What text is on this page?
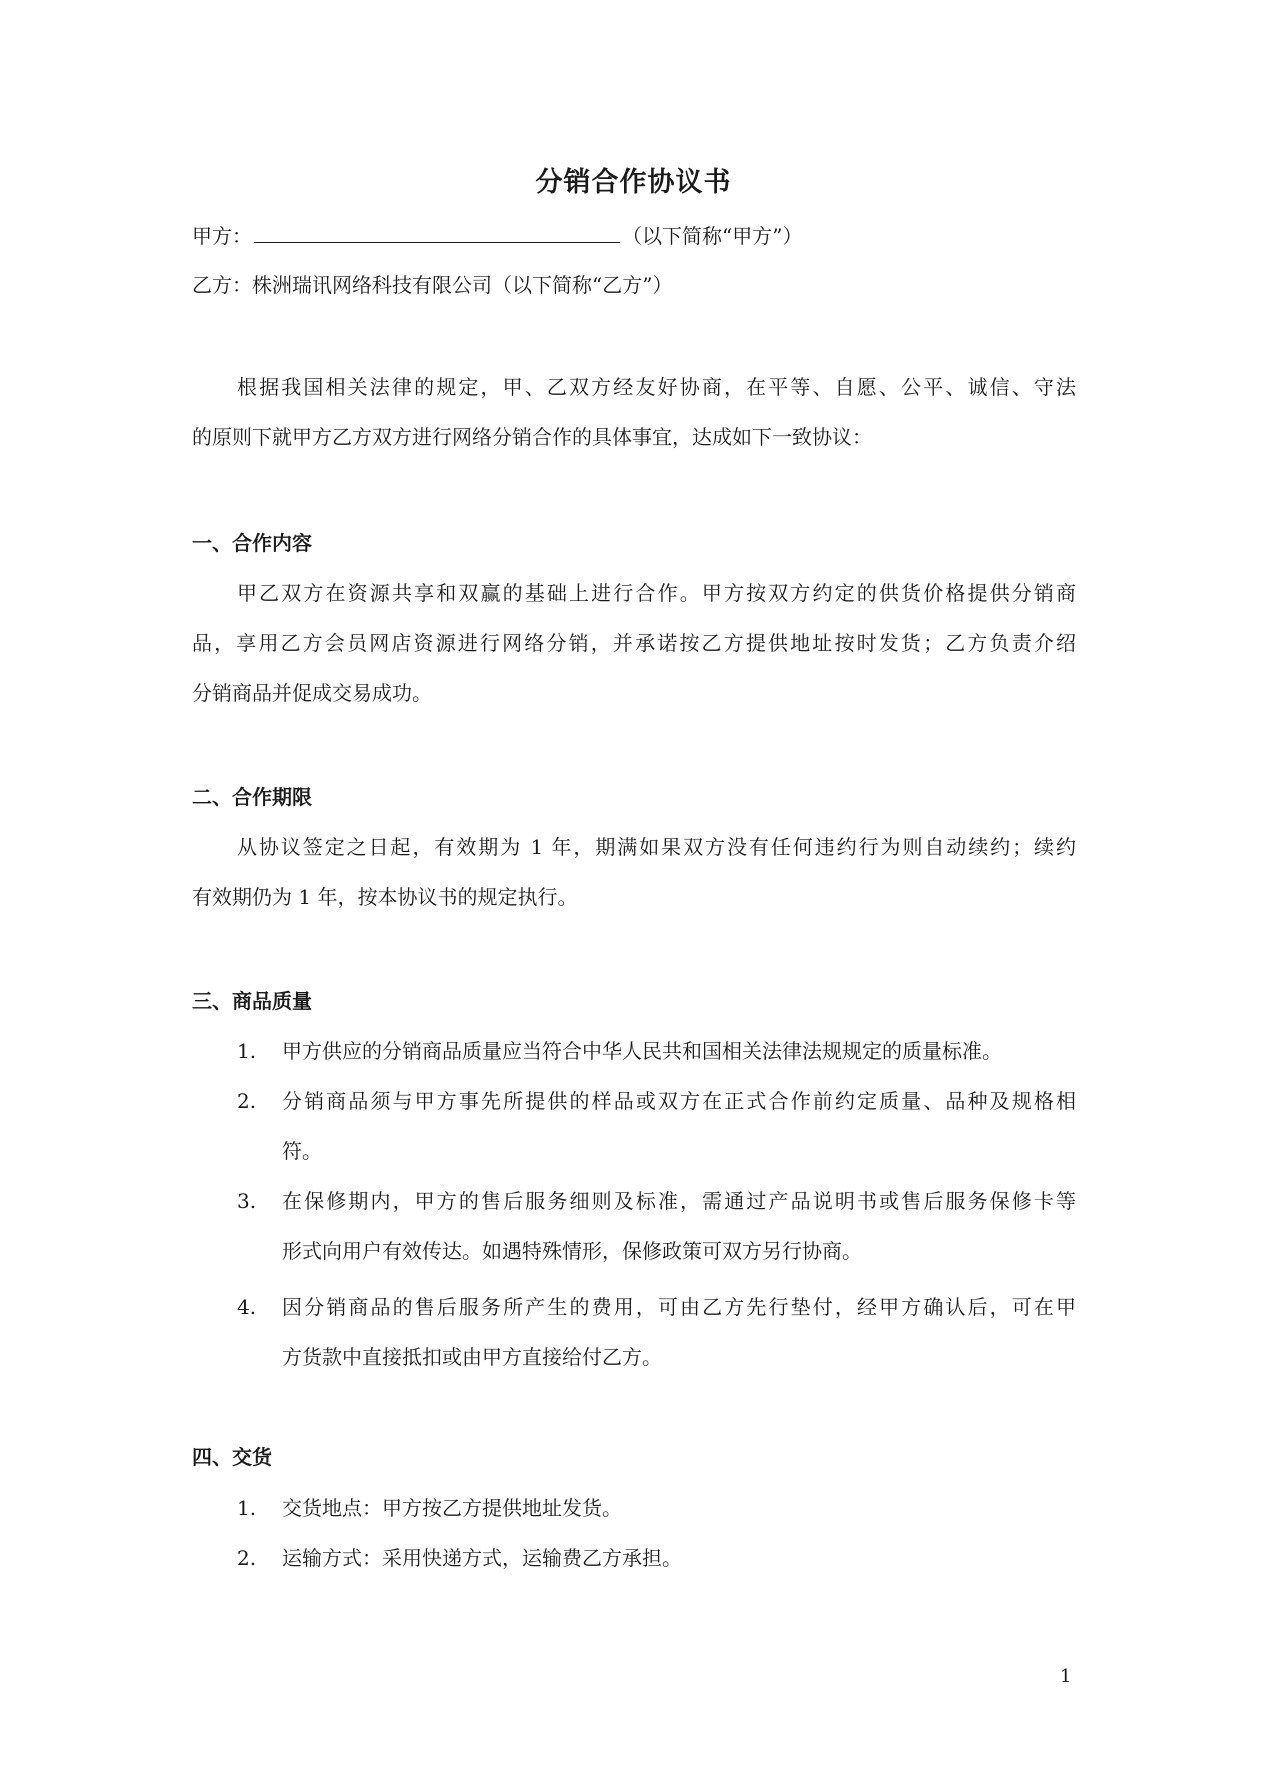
分销合作协议书
甲方：	（以下简称“甲方”）
乙方：株洲瑞讯网络科技有限公司（以下简称“乙方”）
根据我国相关法律的规定，甲、乙双方经友好协商，在平等、自愿、公平、诚信、守法
的原则下就甲方乙方双方进行网络分销合作的具体事宜，达成如下一致协议：
一、合作内容
甲乙双方在资源共享和双赢的基础上进行合作。甲方按双方约定的供货价格提供分销商
品，享用乙方会员网店资源进行网络分销，并承诺按乙方提供地址按时发货；乙方负责介绍
分销商品并促成交易成功。
二、合作期限
从协议签定之日起，有效期为 1 年，期满如果双方没有任何违约行为则自动续约；续约
有效期仍为 1 年，按本协议书的规定执行。
三、商品质量
1. 甲方供应的分销商品质量应当符合中华人民共和国相关法律法规规定的质量标准。
2. 分销商品须与甲方事先所提供的样品或双方在正式合作前约定质量、品种及规格相
符。
3. 在保修期内，甲方的售后服务细则及标准，需通过产品说明书或售后服务保修卡等
形式向用户有效传达。如遇特殊情形，保修政策可双方另行协商。
4. 因分销商品的售后服务所产生的费用，可由乙方先行垫付，经甲方确认后，可在甲
方货款中直接抵扣或由甲方直接给付乙方。
四、交货
1. 交货地点：甲方按乙方提供地址发货。
2. 运输方式：采用快递方式，运输费乙方承担。
1
